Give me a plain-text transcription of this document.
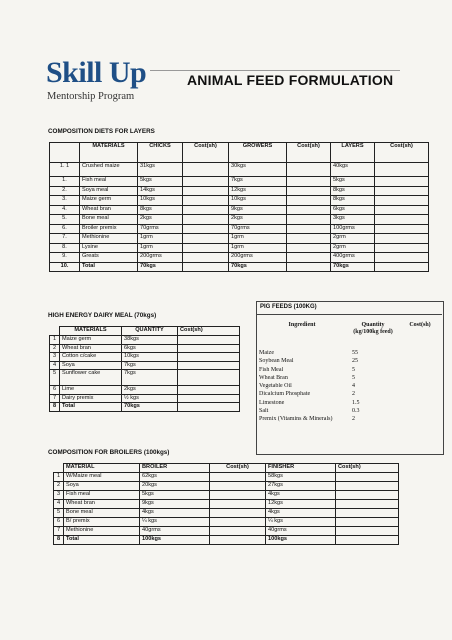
Skill Up
Mentorship Program
ANIMAL FEED FORMULATION
COMPOSITION DIETS FOR LAYERS
	MATERIALS	CHICKS	Cost(sh)	GROWERS	Cost(sh)	LAYERS	Cost(sh)
1. 1	Crushed maize	31kgs		30kgs		40kgs	
1.	Fish meal	5kgs		7kgs		5kgs	
2.	Soya meal	14kgs		12kgs		8kgs	
3.	Maize germ	10kgs		10kgs		8kgs	
4.	Wheat bran	8kgs		9kgs		6kgs	
5.	Bone meal	2kgs		2kgs		3kgs	
6.	Broiler premix	70grms		70grms		100grms	
7.	Methionine	1grm		1grm		2grm	
8.	Lysine	1grm		1grm		2grm	
9.	Greats	200grms		200grms		400grms	
10.	Total	70kgs		70kgs		70kgs	
HIGH ENERGY DAIRY MEAL (70kgs)
	MATERIALS	QUANTITY	Cost(sh)
1	Maize germ	38kgs	
2	Wheat bran	6kgs	
3	Cotton c/cake	10kgs	
4	Soya	7kgs	
5	Sunflower cake	7kgs	
6	Lime	2kgs	
7	Dairy premix	½ kgs	
8	Total	70kgs	
PIG FEEDS (100KG)
Ingredient	Quantity (kg/100kg feed)	Cost(sh)
Maize	55	
Soybean Meal	25	
Fish Meal	5	
Wheat Bran	5	
Vegetable Oil	4	
Dicalcium Phosphate	2	
Limestone	1.5	
Salt	0.3	
Premix (Vitamins & Minerals)	2	
COMPOSITION FOR BROILERS (100kgs)
	MATERIAL	BROILER	Cost(sh)	FINISHER	Cost(sh)
1	W/Maize meal	62kgs		58kgs	
2	Soya	20kgs		27kgs	
3	Fish meal	5kgs		4kgs	
4	Wheat bran	9kgs		12kgs	
5	Bone meal	4kgs		4kgs	
6	B/ premix	¼ kgs		¼ kgs	
7	Methionine	40grms		40grms	
8	Total	100kgs		100kgs	
